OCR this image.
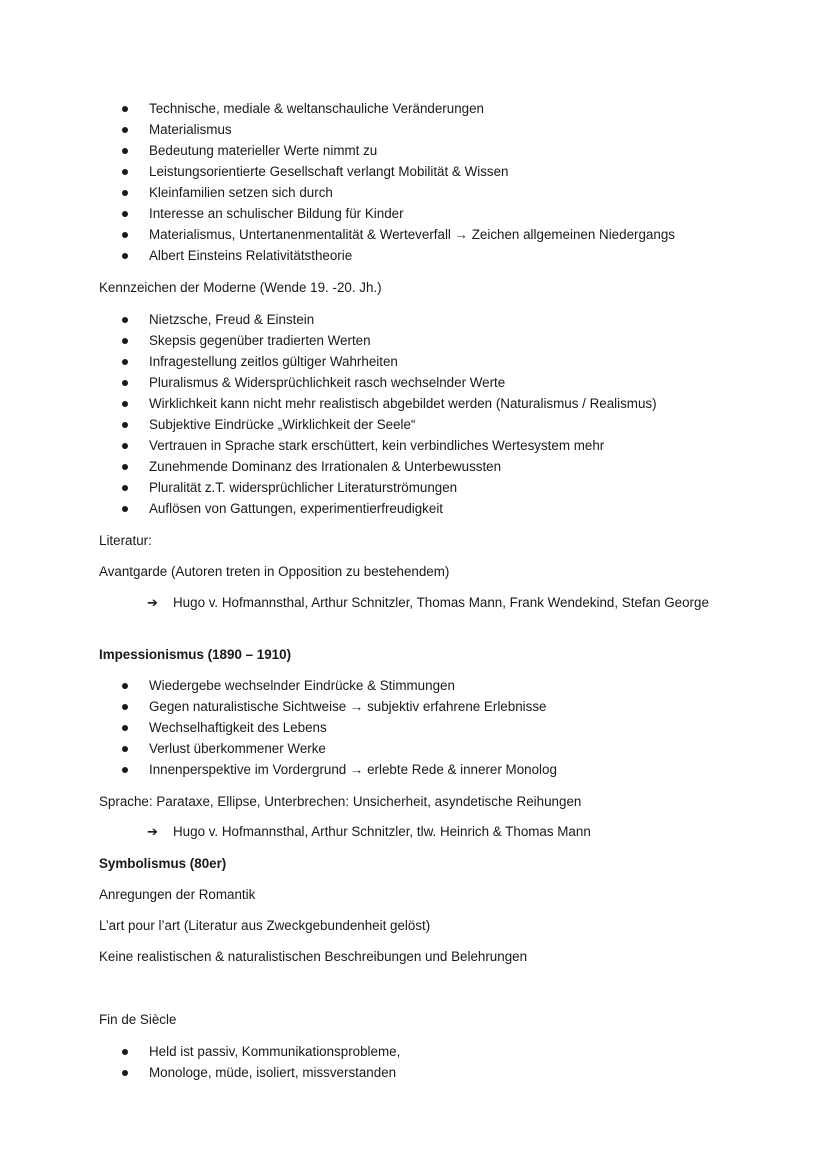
Technische, mediale & weltanschauliche Veränderungen
Materialismus
Bedeutung materieller Werte nimmt zu
Leistungsorientierte Gesellschaft verlangt Mobilität & Wissen
Kleinfamilien setzen sich durch
Interesse an schulischer Bildung für Kinder
Materialismus, Untertanenmentalität & Werteverfall → Zeichen allgemeinen Niedergangs
Albert Einsteins Relativitätstheorie
Kennzeichen der Moderne (Wende 19. -20. Jh.)
Nietzsche, Freud & Einstein
Skepsis gegenüber tradierten Werten
Infragestellung zeitlos gültiger Wahrheiten
Pluralismus & Widersprüchlichkeit rasch wechselnder Werte
Wirklichkeit kann nicht mehr realistisch abgebildet werden (Naturalismus / Realismus)
Subjektive Eindrücke „Wirklichkeit der Seele“
Vertrauen in Sprache stark erschüttert, kein verbindliches Wertesystem mehr
Zunehmende Dominanz des Irrationalen & Unterbewussten
Pluralität z.T. widersprüchlicher Literaturströmungen
Auflösen von Gattungen, experimentierfreudigkeit
Literatur:
Avantgarde (Autoren treten in Opposition zu bestehendem)
➔ Hugo v. Hofmannsthal, Arthur Schnitzler, Thomas Mann, Frank Wendekind, Stefan George
Impessionismus (1890 – 1910)
Wiedergebe wechselnder Eindrücke & Stimmungen
Gegen naturalistische Sichtweise → subjektiv erfahrene Erlebnisse
Wechselhaftigkeit des Lebens
Verlust überkommener Werke
Innenperspektive im Vordergrund → erlebte Rede & innerer Monolog
Sprache: Parataxe, Ellipse, Unterbrechen: Unsicherheit, asyndetische Reihungen
➔ Hugo v. Hofmannsthal, Arthur Schnitzler, tlw. Heinrich & Thomas Mann
Symbolismus (80er)
Anregungen der Romantik
L’art pour l’art (Literatur aus Zweckgebundenheit gelöst)
Keine realistischen & naturalistischen Beschreibungen und Belehrungen
Fin de Siècle
Held ist passiv, Kommunikationsprobleme,
Monologe, müde, isoliert, missverstanden
